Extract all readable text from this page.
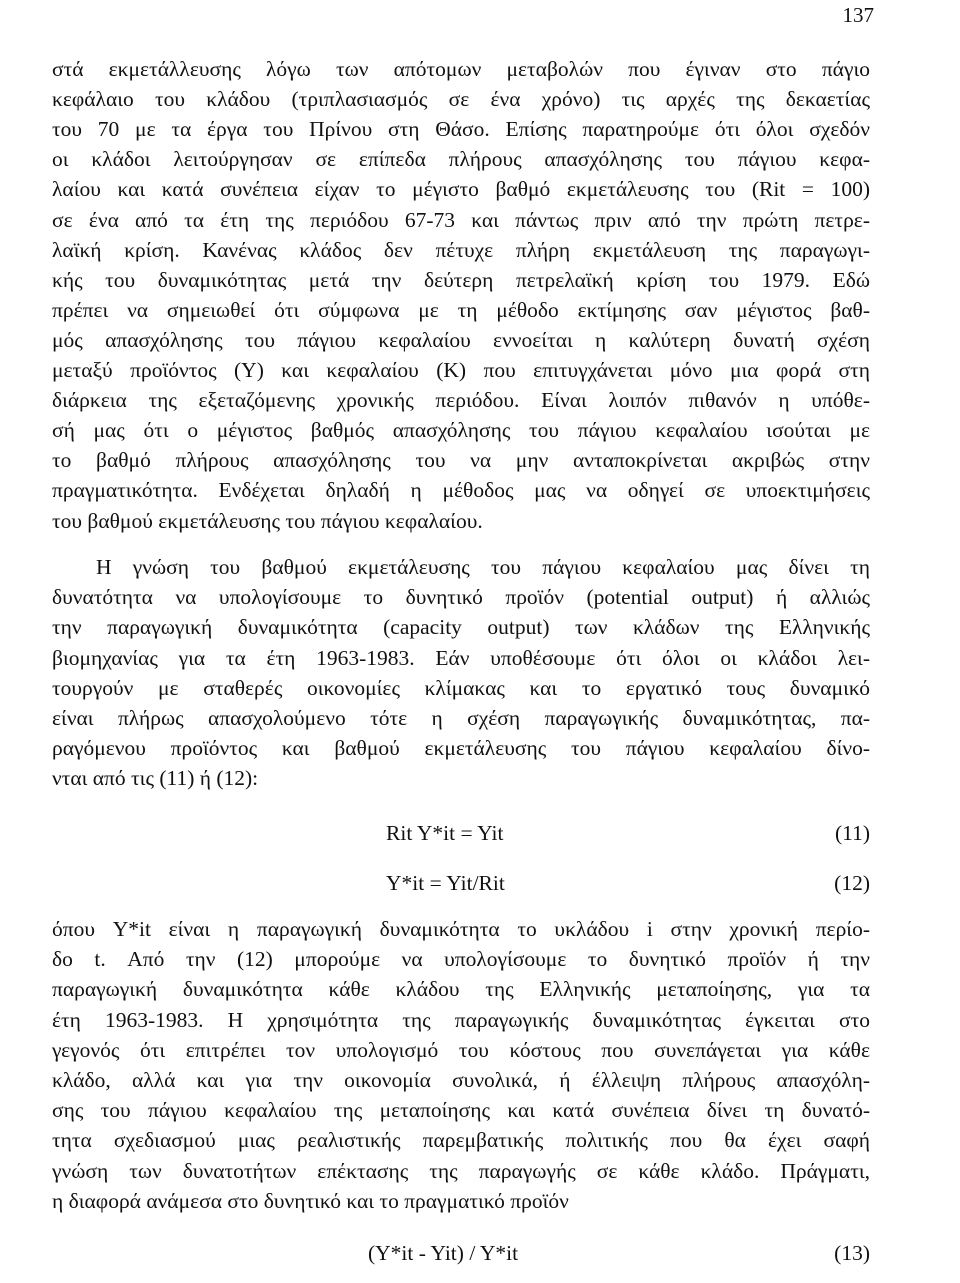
137
στά εκμετάλλευσης λόγω των απότομων μεταβολών που έγιναν στο πάγιο
κεφάλαιο του κλάδου (τριπλασιασμός σε ένα χρόνο) τις αρχές της δεκαετίας
του 70 με τα έργα του Πρίνου στη Θάσο. Επίσης παρατηρούμε ότι όλοι σχεδόν
οι κλάδοι λειτούργησαν σε επίπεδα πλήρους απασχόλησης του πάγιου κεφα-
λαίου και κατά συνέπεια είχαν το μέγιστο βαθμό εκμετάλευσης του (Rit = 100)
σε ένα από τα έτη της περιόδου 67-73 και πάντως πριν από την πρώτη πετρε-
λαϊκή κρίση. Κανένας κλάδος δεν πέτυχε πλήρη εκμετάλευση της παραγωγι-
κής του δυναμικότητας μετά την δεύτερη πετρελαϊκή κρίση του 1979. Εδώ
πρέπει να σημειωθεί ότι σύμφωνα με τη μέθοδο εκτίμησης σαν μέγιστος βαθ-
μός απασχόλησης του πάγιου κεφαλαίου εννοείται η καλύτερη δυνατή σχέση
μεταξύ προϊόντος (Υ) και κεφαλαίου (Κ) που επιτυγχάνεται μόνο μια φορά στη
διάρκεια της εξεταζόμενης χρονικής περιόδου. Είναι λοιπόν πιθανόν η υπόθε-
σή μας ότι ο μέγιστος βαθμός απασχόλησης του πάγιου κεφαλαίου ισούται με
το βαθμό πλήρους απασχόλησης του να μην ανταποκρίνεται ακριβώς στην
πραγματικότητα. Ενδέχεται δηλαδή η μέθοδος μας να οδηγεί σε υποεκτιμήσεις
του βαθμού εκμετάλευσης του πάγιου κεφαλαίου.
Η γνώση του βαθμού εκμετάλευσης του πάγιου κεφαλαίου μας δίνει τη
δυνατότητα να υπολογίσουμε το δυνητικό προϊόν (potential output) ή αλλιώς
την παραγωγική δυναμικότητα (capacity output) των κλάδων της Ελληνικής
βιομηχανίας για τα έτη 1963-1983. Εάν υποθέσουμε ότι όλοι οι κλάδοι λει-
τουργούν με σταθερές οικονομίες κλίμακας και το εργατικό τους δυναμικό
είναι πλήρως απασχολούμενο τότε η σχέση παραγωγικής δυναμικότητας, πα-
ραγόμενου προϊόντος και βαθμού εκμετάλευσης του πάγιου κεφαλαίου δίνο-
νται από τις (11) ή (12):
Rit Y*it = Yit	(11)
Y*it = Yit/Rit	(12)
όπου Y*it είναι η παραγωγική δυναμικότητα το υκλάδου i στην χρονική περίο-
δο t. Από την (12) μπορούμε να υπολογίσουμε το δυνητικό προϊόν ή την
παραγωγική δυναμικότητα κάθε κλάδου της Ελληνικής μεταποίησης, για τα
έτη 1963-1983. Η χρησιμότητα της παραγωγικής δυναμικότητας έγκειται στο
γεγονός ότι επιτρέπει τον υπολογισμό του κόστους που συνεπάγεται για κάθε
κλάδο, αλλά και για την οικονομία συνολικά, ή έλλειψη πλήρους απασχόλη-
σης του πάγιου κεφαλαίου της μεταποίησης και κατά συνέπεια δίνει τη δυνατό-
τητα σχεδιασμού μιας ρεαλιστικής παρεμβατικής πολιτικής που θα έχει σαφή
γνώση των δυνατοτήτων επέκτασης της παραγωγής σε κάθε κλάδο. Πράγματι,
η διαφορά ανάμεσα στο δυνητικό και το πραγματικό προϊόν
(Y*it - Yit) / Y*it	(13)
